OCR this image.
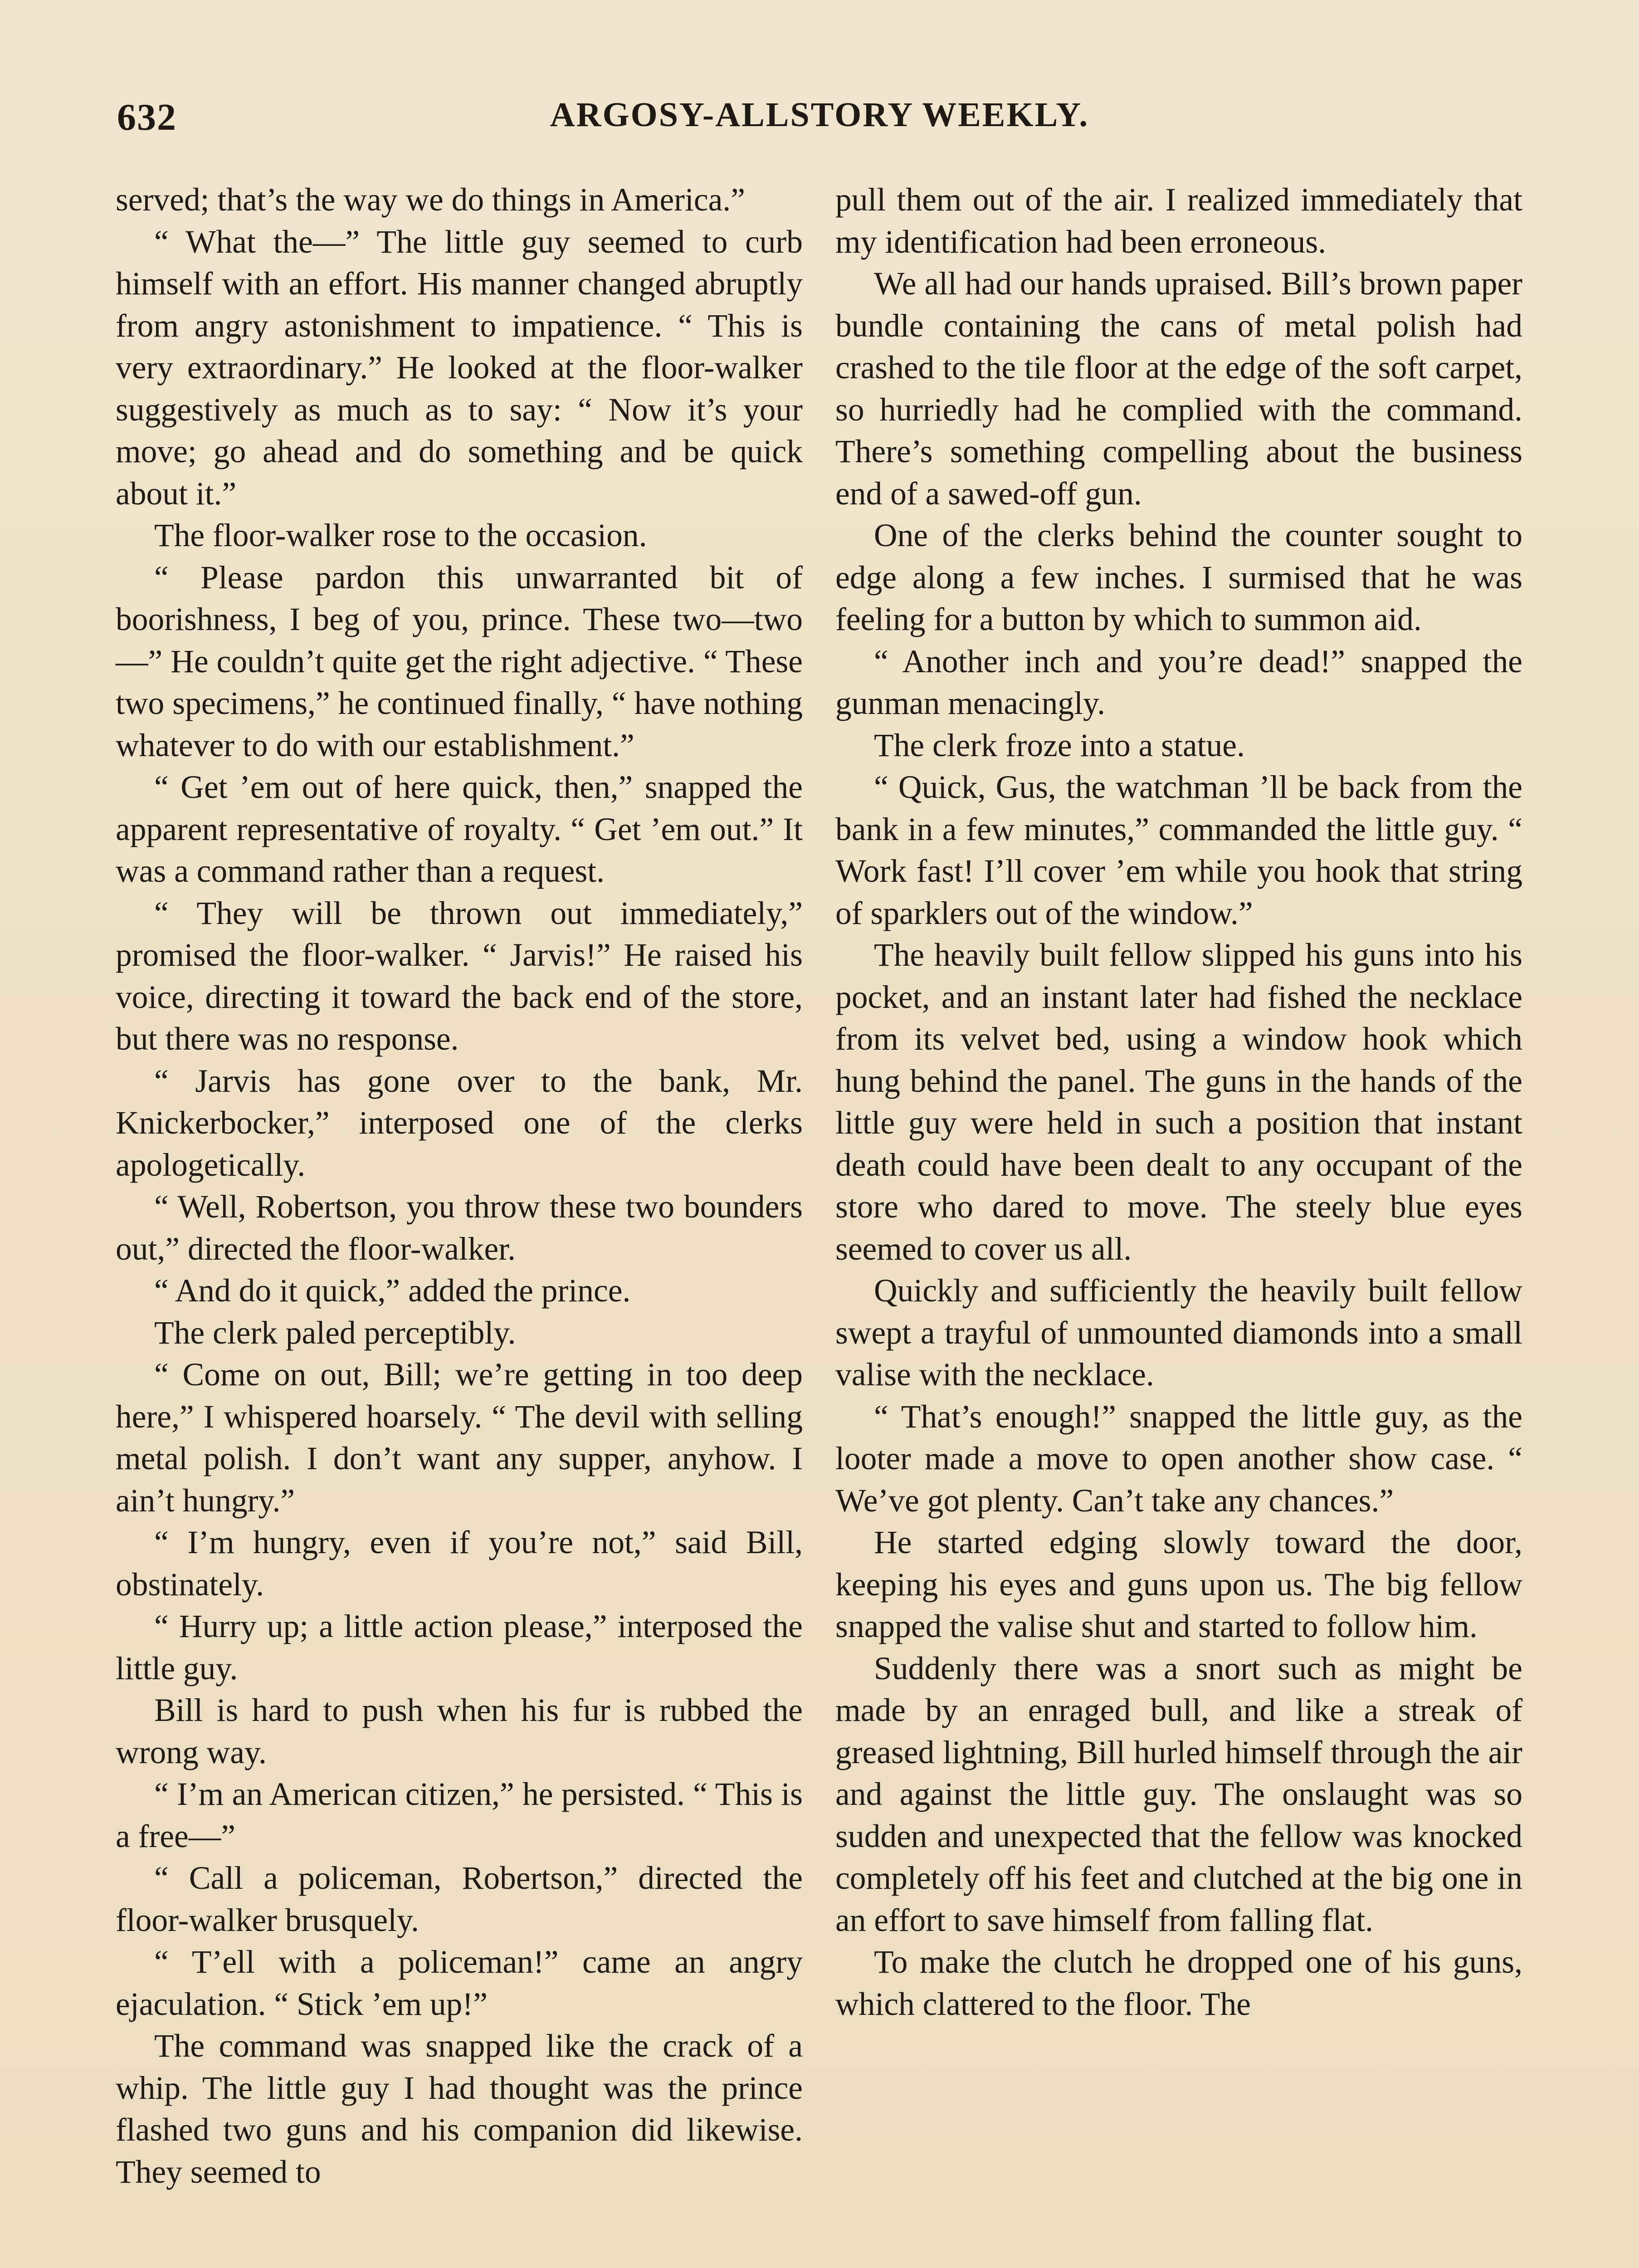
632	ARGOSY-ALLSTORY WEEKLY.

served; that’s the way we do things in America.”

“ What the—” The little guy seemed to curb himself with an effort. His manner changed abruptly from angry astonishment to impatience. “ This is very extraordinary.” He looked at the floor-walker suggestively as much as to say: “ Now it’s your move; go ahead and do something and be quick about it.”

The floor-walker rose to the occasion.

“ Please pardon this unwarranted bit of boorishness, I beg of you, prince. These two—two—” He couldn’t quite get the right adjective. “ These two specimens,” he continued finally, “ have nothing whatever to do with our establishment.”

“ Get ’em out of here quick, then,” snapped the apparent representative of royalty. “ Get ’em out.” It was a command rather than a request.

“ They will be thrown out immediately,” promised the floor-walker. “ Jarvis!” He raised his voice, directing it toward the back end of the store, but there was no response.

“ Jarvis has gone over to the bank, Mr. Knickerbocker,” interposed one of the clerks apologetically.

“ Well, Robertson, you throw these two bounders out,” directed the floor-walker.

“ And do it quick,” added the prince.

The clerk paled perceptibly.

“ Come on out, Bill; we’re getting in too deep here,” I whispered hoarsely. “ The devil with selling metal polish. I don’t want any supper, anyhow. I ain’t hungry.”

“ I’m hungry, even if you’re not,” said Bill, obstinately.

“ Hurry up; a little action please,” interposed the little guy.

Bill is hard to push when his fur is rubbed the wrong way.

“ I’m an American citizen,” he persisted. “ This is a free—”

“ Call a policeman, Robertson,” directed the floor-walker brusquely.

“ T’ell with a policeman!” came an angry ejaculation. “ Stick ’em up!”

The command was snapped like the crack of a whip. The little guy I had thought was the prince flashed two guns and his companion did likewise. They seemed to

pull them out of the air. I realized immediately that my identification had been erroneous.

We all had our hands upraised. Bill’s brown paper bundle containing the cans of metal polish had crashed to the tile floor at the edge of the soft carpet, so hurriedly had he complied with the command. There’s something compelling about the business end of a sawed-off gun.

One of the clerks behind the counter sought to edge along a few inches. I surmised that he was feeling for a button by which to summon aid.

“ Another inch and you’re dead!” snapped the gunman menacingly.

The clerk froze into a statue.

“ Quick, Gus, the watchman ’ll be back from the bank in a few minutes,” commanded the little guy. “ Work fast! I’ll cover ’em while you hook that string of sparklers out of the window.”

The heavily built fellow slipped his guns into his pocket, and an instant later had fished the necklace from its velvet bed, using a window hook which hung behind the panel. The guns in the hands of the little guy were held in such a position that instant death could have been dealt to any occupant of the store who dared to move. The steely blue eyes seemed to cover us all.

Quickly and sufficiently the heavily built fellow swept a trayful of unmounted diamonds into a small valise with the necklace.

“ That’s enough!” snapped the little guy, as the looter made a move to open another show case. “ We’ve got plenty. Can’t take any chances.”

He started edging slowly toward the door, keeping his eyes and guns upon us. The big fellow snapped the valise shut and started to follow him.

Suddenly there was a snort such as might be made by an enraged bull, and like a streak of greased lightning, Bill hurled himself through the air and against the little guy. The onslaught was so sudden and unexpected that the fellow was knocked completely off his feet and clutched at the big one in an effort to save himself from falling flat.

To make the clutch he dropped one of his guns, which clattered to the floor. The
